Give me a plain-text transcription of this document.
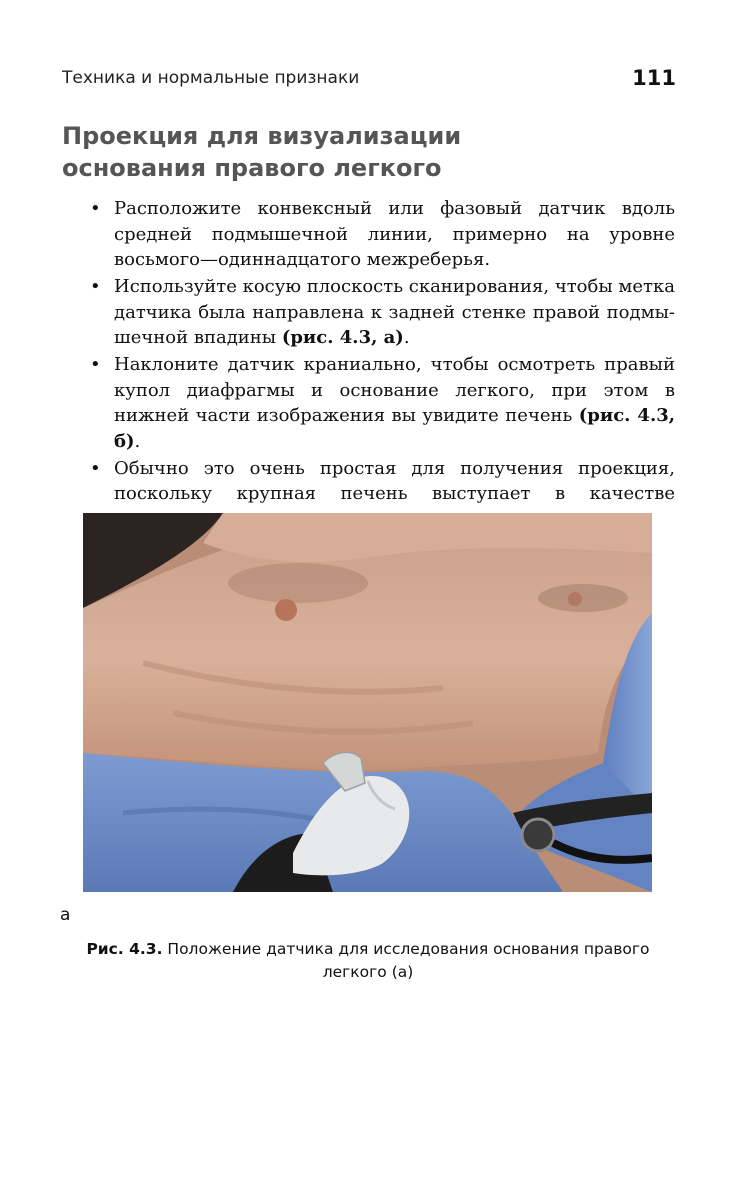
Техника и нормальные признаки	111
Проекция для визуализации
основания правого легкого
• Расположите конвексный или фазовый датчик вдоль средней подмышечной линии, примерно на уровне восьмого—одиннадцатого межреберья.
• Используйте косую плоскость сканирования, чтобы метка датчика была направлена к задней стенке правой подмышечной впадины (рис. 4.3, а).
• Наклоните датчик краниально, чтобы осмотреть правый купол диафрагмы и основание легкого, при этом в нижней части изображения вы увидите печень (рис. 4.3, б).
• Обычно это очень простая для получения проекция, поскольку крупная печень выступает в качестве
а
Рис. 4.3. Положение датчика для исследования основания правого легкого (а)
